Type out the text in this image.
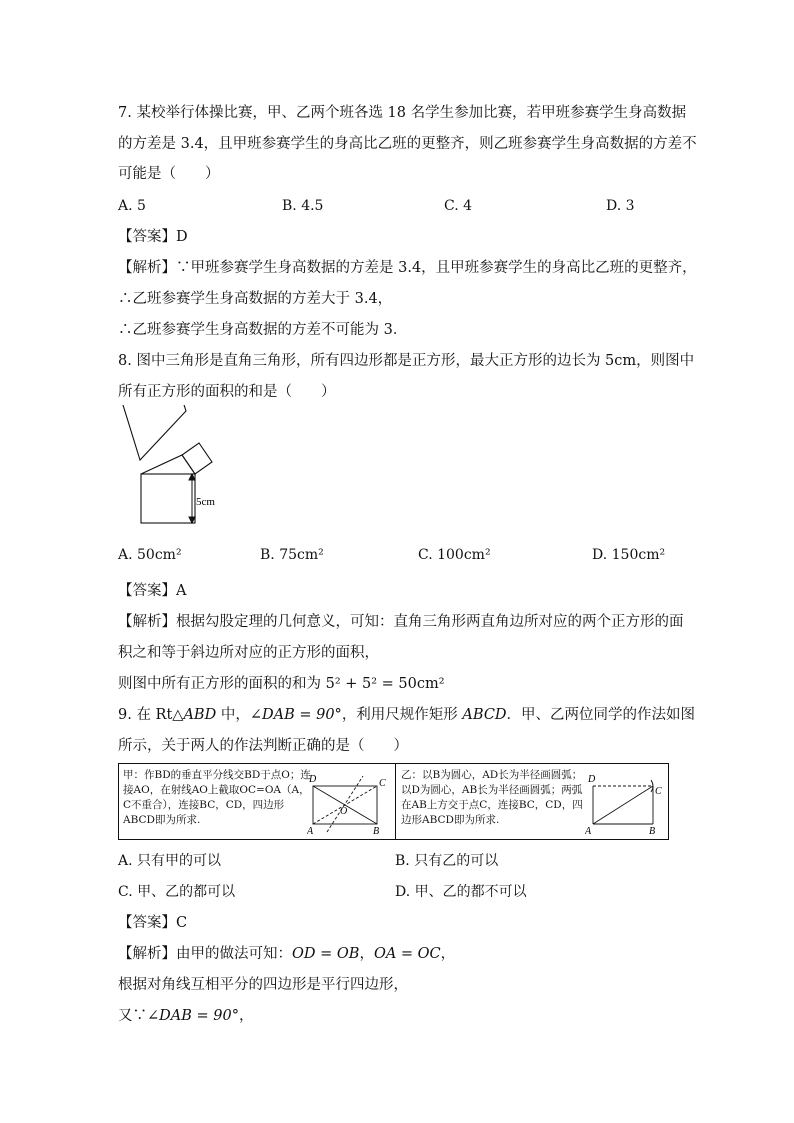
7. 某校举行体操比赛，甲、乙两个班各选 18 名学生参加比赛，若甲班参赛学生身高数据
的方差是 3.4，且甲班参赛学生的身高比乙班的更整齐，则乙班参赛学生身高数据的方差不
可能是（　　）
A. 5	B. 4.5	C. 4	D. 3
【答案】D
【解析】∵甲班参赛学生身高数据的方差是 3.4，且甲班参赛学生的身高比乙班的更整齐，
∴乙班参赛学生身高数据的方差大于 3.4，
∴乙班参赛学生身高数据的方差不可能为 3．
8. 图中三角形是直角三角形，所有四边形都是正方形，最大正方形的边长为 5cm，则图中
所有正方形的面积的和是（　　）
5cm
A. 50cm²	B. 75cm²	C. 100cm²	D. 150cm²
【答案】A
【解析】根据勾股定理的几何意义，可知：直角三角形两直角边所对应的两个正方形的面
积之和等于斜边所对应的正方形的面积，
则图中所有正方形的面积的和为 5² + 5² = 50cm²
9. 在 Rt△ABD 中，∠DAB = 90°，利用尺规作矩形 ABCD．甲、乙两位同学的作法如图
所示，关于两人的作法判断正确的是（　　）
甲：作BD的垂直平分线交BD于点O；连接AO，在射线AO上截取OC=OA（A，C不重合），连接BC，CD，四边形ABCD即为所求.
乙：以B为圆心，AD长为半径画圆弧；以D为圆心，AB长为半径画圆弧；两弧在AB上方交于点C，连接BC，CD，四边形ABCD即为所求.
D	C
A	B
O
D
C
A	B
A. 只有甲的可以	B. 只有乙的可以
C. 甲、乙的都可以	D. 甲、乙的都不可以
【答案】C
【解析】由甲的做法可知：OD = OB，OA = OC，
根据对角线互相平分的四边形是平行四边形，
又∵∠DAB = 90°，
